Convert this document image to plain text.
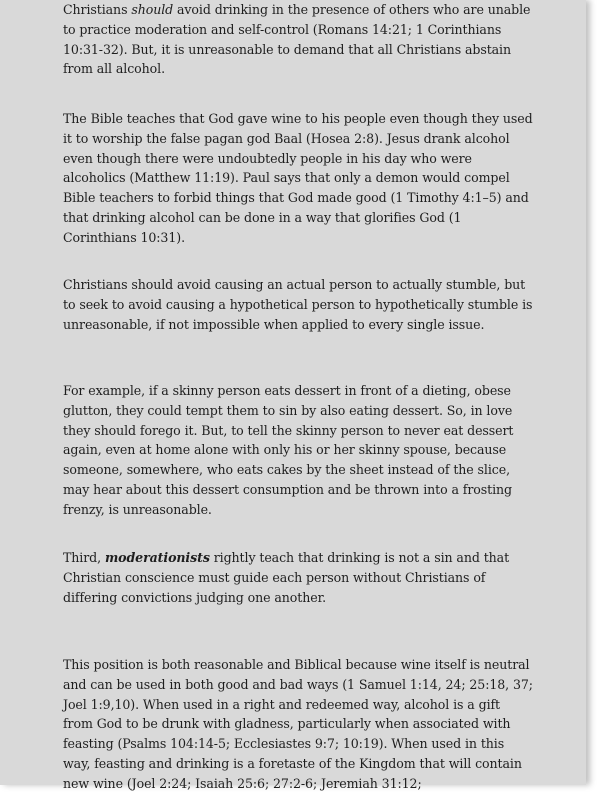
Christians should avoid drinking in the presence of others who are unable to practice moderation and self-control (Romans 14:21; 1 Corinthians 10:31-32). But, it is unreasonable to demand that all Christians abstain from all alcohol.

The Bible teaches that God gave wine to his people even though they used it to worship the false pagan god Baal (Hosea 2:8). Jesus drank alcohol even though there were undoubtedly people in his day who were alcoholics (Matthew 11:19). Paul says that only a demon would compel Bible teachers to forbid things that God made good (1 Timothy 4:1–5) and that drinking alcohol can be done in a way that glorifies God (1 Corinthians 10:31).

Christians should avoid causing an actual person to actually stumble, but to seek to avoid causing a hypothetical person to hypothetically stumble is unreasonable, if not impossible when applied to every single issue.

For example, if a skinny person eats dessert in front of a dieting, obese glutton, they could tempt them to sin by also eating dessert. So, in love they should forego it. But, to tell the skinny person to never eat dessert again, even at home alone with only his or her skinny spouse, because someone, somewhere, who eats cakes by the sheet instead of the slice, may hear about this dessert consumption and be thrown into a frosting frenzy, is unreasonable.

Third, moderationists rightly teach that drinking is not a sin and that Christian conscience must guide each person without Christians of differing convictions judging one another.

This position is both reasonable and Biblical because wine itself is neutral and can be used in both good and bad ways (1 Samuel 1:14, 24; 25:18, 37; Joel 1:9,10). When used in a right and redeemed way, alcohol is a gift from God to be drunk with gladness, particularly when associated with feasting (Psalms 104:14-5; Ecclesiastes 9:7; 10:19). When used in this way, feasting and drinking is a foretaste of the Kingdom that will contain new wine (Joel 2:24; Isaiah 25:6; 27:2-6; Jeremiah 31:12;
